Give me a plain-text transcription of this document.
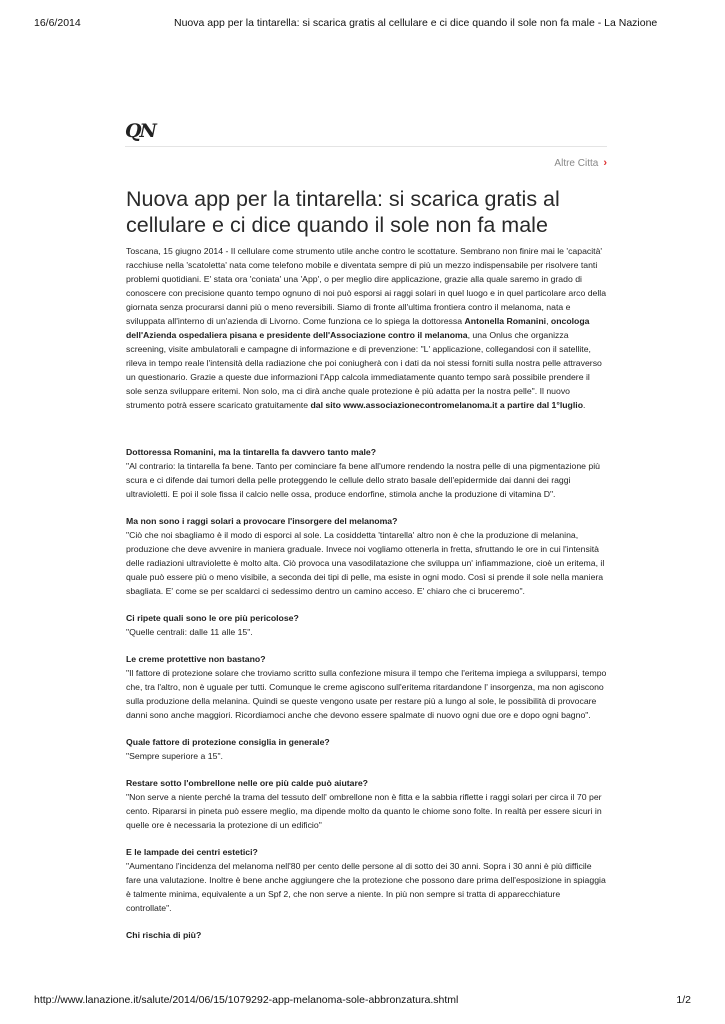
16/6/2014	Nuova app per la tintarella: si scarica gratis al cellulare e ci dice quando il sole non fa male - La Nazione
QN
Altre Citta ›
Nuova app per la tintarella: si scarica gratis al cellulare e ci dice quando il sole non fa male

Toscana, 15 giugno 2014 - Il cellulare come strumento utile anche contro le scottature. Sembrano non finire mai le 'capacità' racchiuse nella 'scatoletta' nata come telefono mobile e diventata sempre di più un mezzo indispensabile per risolvere tanti problemi quotidiani. E' stata ora 'coniata' una 'App', o per meglio dire applicazione, grazie alla quale saremo in grado di conoscere con precisione quanto tempo ognuno di noi può esporsi ai raggi solari in quel luogo e in quel particolare arco della giornata senza procurarsi danni più o meno reversibili. Siamo di fronte all'ultima frontiera contro il melanoma, nata e sviluppata all'interno di un'azienda di Livorno. Come funziona ce lo spiega la dottoressa Antonella Romanini, oncologa dell'Azienda ospedaliera pisana e presidente dell'Associazione contro il melanoma, una Onlus che organizza screening, visite ambulatorali e campagne di informazione e di prevenzione: "L' applicazione, collegandosi con il satellite, rileva in tempo reale l'intensità della radiazione che poi coniugherà con i dati da noi stessi forniti sulla nostra pelle attraverso un questionario. Grazie a queste due informazioni l'App calcola immediatamente quanto tempo sarà possibile prendere il sole senza sviluppare eritemi. Non solo, ma ci dirà anche quale protezione è più adatta per la nostra pelle". Il nuovo strumento potrà essere scaricato gratuitamente dal sito www.associazionecontromelanoma.it a partire dal 1°luglio.

Dottoressa Romanini, ma la tintarella fa davvero tanto male?

"Al contrario: la tintarella fa bene. Tanto per cominciare fa bene all'umore rendendo la nostra pelle di una pigmentazione più scura e ci difende dai tumori della pelle proteggendo le cellule dello strato basale dell'epidermide dai danni dei raggi ultravioletti. E poi il sole fissa il calcio nelle ossa, produce endorfine, stimola anche la produzione di vitamina D".

Ma non sono i raggi solari a provocare l'insorgere del melanoma?

"Ciò che noi sbagliamo è il modo di esporci al sole. La cosiddetta 'tintarella' altro non è che la produzione di melanina, produzione che deve avvenire in maniera graduale. Invece noi vogliamo ottenerla in fretta, sfruttando le ore in cui l'intensità delle radiazioni ultraviolette è molto alta. Ciò provoca una vasodilatazione che sviluppa un' infiammazione, cioè un eritema, il quale può essere più o meno visibile, a seconda dei tipi di pelle, ma esiste in ogni modo. Così si prende il sole nella maniera sbagliata. E' come se per scaldarci ci sedessimo dentro un camino acceso. E' chiaro che ci bruceremo".

Ci ripete quali sono le ore più pericolose?

"Quelle centrali: dalle 11 alle 15".

Le creme protettive non bastano?

"Il fattore di protezione solare che troviamo scritto sulla confezione misura il tempo che l'eritema impiega a svilupparsi, tempo che, tra l'altro, non è uguale per tutti. Comunque le creme agiscono sull'eritema ritardandone l' insorgenza, ma non agiscono sulla produzione della melanina. Quindi se queste vengono usate per restare più a lungo al sole, le possibilità di provocare danni sono anche maggiori. Ricordiamoci anche che devono essere spalmate di nuovo ogni due ore e dopo ogni bagno".

Quale fattore di protezione consiglia in generale?

"Sempre superiore a 15".

Restare sotto l'ombrellone nelle ore più calde può aiutare?

"Non serve a niente perché la trama del tessuto dell' ombrellone non è fitta e la sabbia riflette i raggi solari per circa il 70 per cento. Ripararsi in pineta può essere meglio, ma dipende molto da quanto le chiome sono folte. In realtà per essere sicuri in quelle ore è necessaria la protezione di un edificio"

E le lampade dei centri estetici?

"Aumentano l'incidenza del melanoma nell'80 per cento delle persone al di sotto dei 30 anni. Sopra i 30 anni è più difficile fare una valutazione. Inoltre è bene anche aggiungere che la protezione che possono dare prima dell'esposizione in spiaggia è talmente minima, equivalente a un Spf 2, che non serve a niente. In più non sempre si tratta di apparecchiature controllate".

Chi rischia di più?

http://www.lanazione.it/salute/2014/06/15/1079292-app-melanoma-sole-abbronzatura.shtml	1/2
